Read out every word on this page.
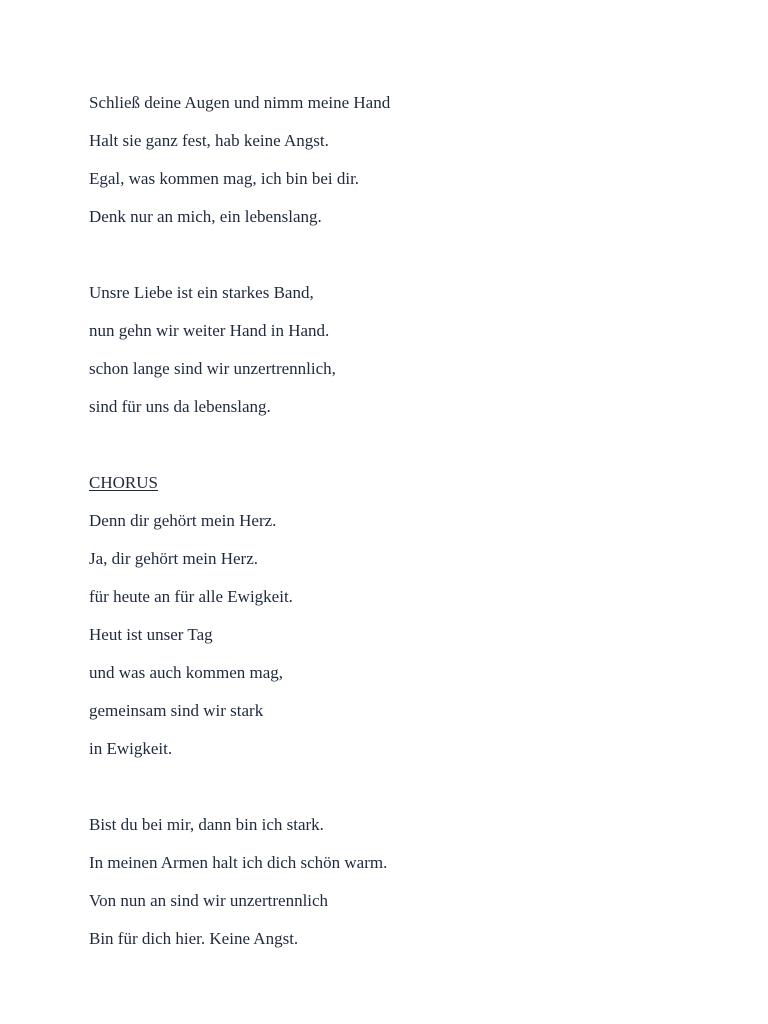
Schließ deine Augen und nimm meine Hand
Halt sie ganz fest, hab keine Angst.
Egal, was kommen mag, ich bin bei dir.
Denk nur an mich, ein lebenslang.
Unsre Liebe ist ein starkes Band,
nun gehn wir weiter Hand in Hand.
schon lange sind wir unzertrennlich,
sind für uns da lebenslang.
CHORUS
Denn dir gehört mein Herz.
Ja, dir gehört mein Herz.
für heute an für alle Ewigkeit.
Heut ist unser Tag
und was auch kommen mag,
gemeinsam sind wir stark
in Ewigkeit.
Bist du bei mir, dann bin ich stark.
In meinen Armen halt ich dich schön warm.
Von nun an sind wir unzertrennlich
Bin für dich hier. Keine Angst.
